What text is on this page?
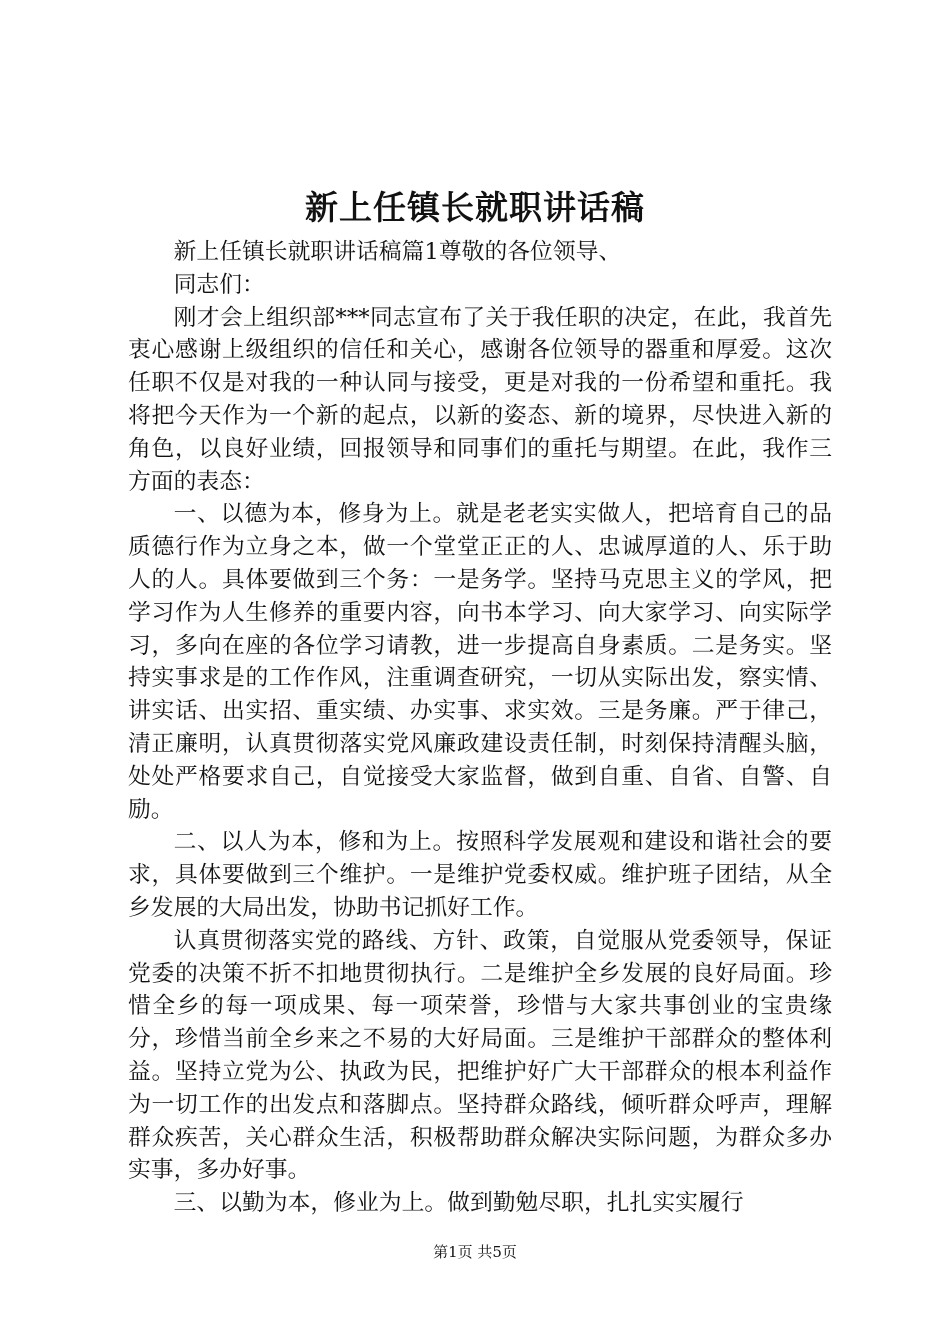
新上任镇长就职讲话稿

新上任镇长就职讲话稿篇1尊敬的各位领导、

同志们：

刚才会上组织部***同志宣布了关于我任职的决定，在此，我首先衷心感谢上级组织的信任和关心，感谢各位领导的器重和厚爱。这次任职不仅是对我的一种认同与接受，更是对我的一份希望和重托。我将把今天作为一个新的起点，以新的姿态、新的境界，尽快进入新的角色，以良好业绩，回报领导和同事们的重托与期望。在此，我作三方面的表态：

一、以德为本，修身为上。就是老老实实做人，把培育自己的品质德行作为立身之本，做一个堂堂正正的人、忠诚厚道的人、乐于助人的人。具体要做到三个务：一是务学。坚持马克思主义的学风，把学习作为人生修养的重要内容，向书本学习、向大家学习、向实际学习，多向在座的各位学习请教，进一步提高自身素质。二是务实。坚持实事求是的工作作风，注重调查研究，一切从实际出发，察实情、讲实话、出实招、重实绩、办实事、求实效。三是务廉。严于律己，清正廉明，认真贯彻落实党风廉政建设责任制，时刻保持清醒头脑，处处严格要求自己，自觉接受大家监督，做到自重、自省、自警、自励。

二、以人为本，修和为上。按照科学发展观和建设和谐社会的要求，具体要做到三个维护。一是维护党委权威。维护班子团结，从全乡发展的大局出发，协助书记抓好工作。

认真贯彻落实党的路线、方针、政策，自觉服从党委领导，保证党委的决策不折不扣地贯彻执行。二是维护全乡发展的良好局面。珍惜全乡的每一项成果、每一项荣誉，珍惜与大家共事创业的宝贵缘分，珍惜当前全乡来之不易的大好局面。三是维护干部群众的整体利益。坚持立党为公、执政为民，把维护好广大干部群众的根本利益作为一切工作的出发点和落脚点。坚持群众路线，倾听群众呼声，理解群众疾苦，关心群众生活，积极帮助群众解决实际问题，为群众多办实事，多办好事。

三、以勤为本，修业为上。做到勤勉尽职，扎扎实实履行

第1页 共5页
